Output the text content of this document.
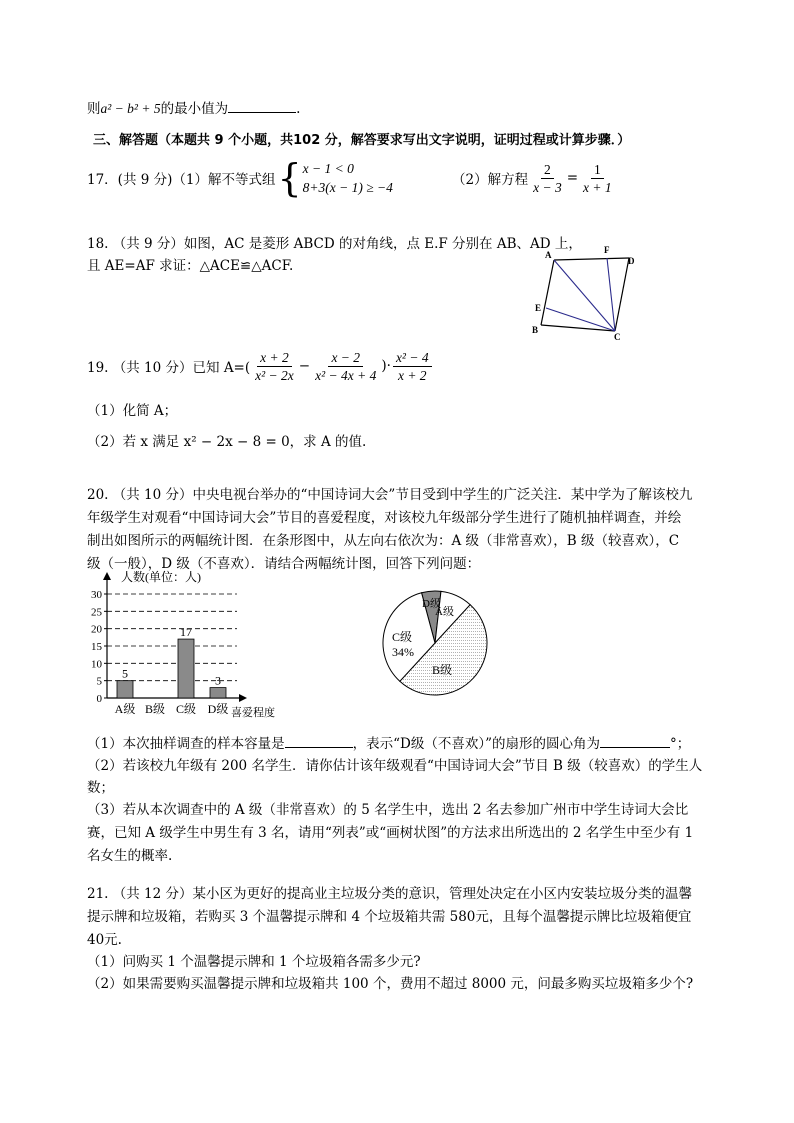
则a² − b² + 5的最小值为	.
三、解答题（本题共 9 个小题，共102 分，解答要求写出文字说明，证明过程或计算步骤．）
17．(共 9 分)（1）解不等式组 { x − 1 < 0
8+3(x − 1) ≥ −4	（2）解方程 $\frac{2}{x - 3} = \frac{1}{x + 1}$
18. （共 9 分）如图，AC 是菱形 ABCD 的对角线，点 E.F 分别在 AB、AD 上，
且 AE=AF 求证：△ACE≌△ACF.
A	F
D
E
B
C
19. （共 10 分）已知 $A=( \frac{x + 2}{\text{x² − 2x}} - \frac{x - 2}{\text{x² − 4x + 4}}$ )· $\frac{\text{x² − 4}}{x + 2}$
（1）化简 A；
（2）若 x 满足 x² − 2x − 8 = 0，求 A 的值.
20. （共 10 分）中央电视台举办的“中国诗词大会”节目受到中学生的广泛关注．某中学为了解该校九
年级学生对观看“中国诗词大会”节目的喜爱程度，对该校九年级部分学生进行了随机抽样调查，并绘
制出如图所示的两幅统计图．在条形图中，从左向右依次为：A 级（非常喜欢），B 级（较喜欢），C
级（一般），D 级（不喜欢）．请结合两幅统计图，回答下列问题：
0
5
10
15
20
25
30
5
17
3
A级 B级 C级 D级
人数(单位：人)
喜爱程度
D级
A级
B级
C级
34%
（1）本次抽样调查的样本容量是	，表示“D级（不喜欢）”的扇形的圆心角为	°；
（2）若该校九年级有 200 名学生．请你估计该年级观看“中国诗词大会”节目 B 级（较喜欢）的学生人
数；
（3）若从本次调查中的 A 级（非常喜欢）的 5 名学生中，选出 2 名去参加广州市中学生诗词大会比
赛，已知 A 级学生中男生有 3 名，请用“列表”或“画树状图”的方法求出所选出的 2 名学生中至少有 1
名女生的概率.
21. （共 12 分）某小区为更好的提高业主垃圾分类的意识，管理处决定在小区内安装垃圾分类的温馨
提示牌和垃圾箱，若购买 3 个温馨提示牌和 4 个垃圾箱共需 580元，且每个温馨提示牌比垃圾箱便宜
40元.
（1）问购买 1 个温馨提示牌和 1 个垃圾箱各需多少元?
（2）如果需要购买温馨提示牌和垃圾箱共 100 个，费用不超过 8000 元，问最多购买垃圾箱多少个?
